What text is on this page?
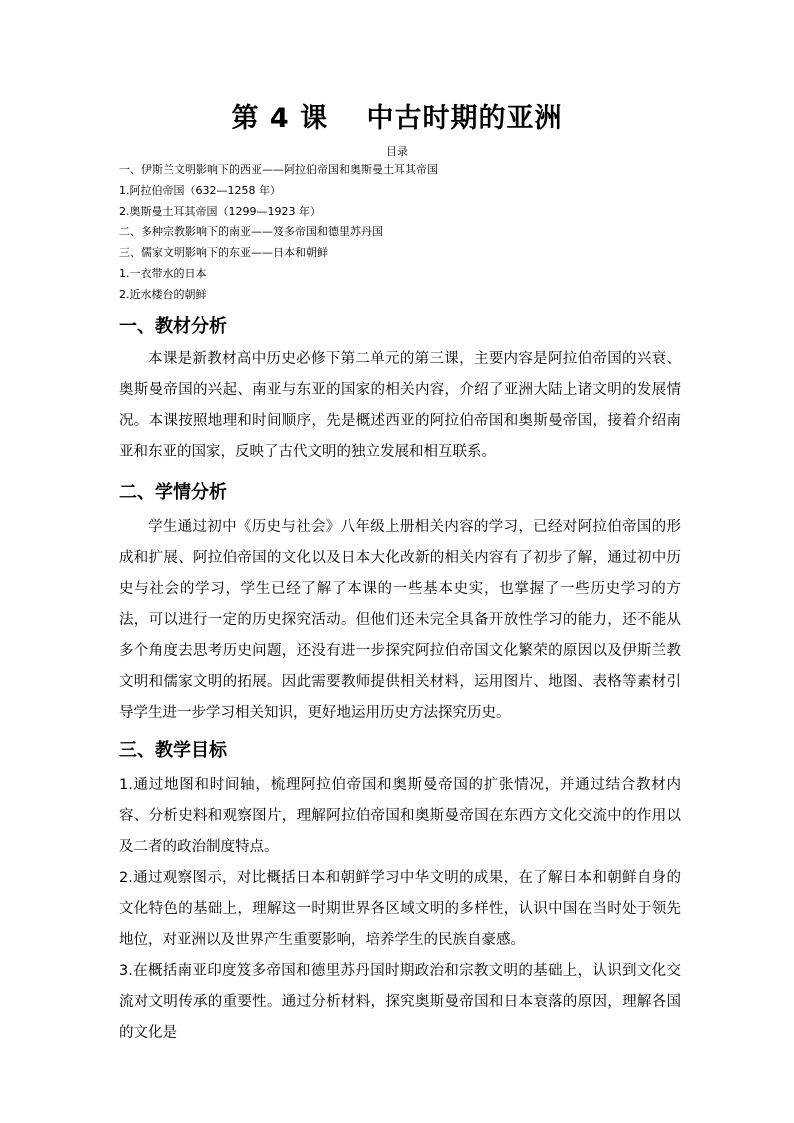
第 4 课　 中古时期的亚洲
目录
一、伊斯兰文明影响下的西亚——阿拉伯帝国和奥斯曼土耳其帝国
1.阿拉伯帝国（632—1258 年）
2.奥斯曼土耳其帝国（1299—1923 年）
二、多种宗教影响下的南亚——笈多帝国和德里苏丹国
三、儒家文明影响下的东亚——日本和朝鲜
1.一衣带水的日本
2.近水楼台的朝鲜
一、教材分析

本课是新教材高中历史必修下第二单元的第三课，主要内容是阿拉伯帝国的兴衰、奥斯曼帝国的兴起、南亚与东亚的国家的相关内容，介绍了亚洲大陆上诸文明的发展情况。本课按照地理和时间顺序，先是概述西亚的阿拉伯帝国和奥斯曼帝国，接着介绍南亚和东亚的国家，反映了古代文明的独立发展和相互联系。

二、学情分析

学生通过初中《历史与社会》八年级上册相关内容的学习，已经对阿拉伯帝国的形成和扩展、阿拉伯帝国的文化以及日本大化改新的相关内容有了初步了解，通过初中历史与社会的学习，学生已经了解了本课的一些基本史实，也掌握了一些历史学习的方法，可以进行一定的历史探究活动。但他们还未完全具备开放性学习的能力，还不能从多个角度去思考历史问题，还没有进一步探究阿拉伯帝国文化繁荣的原因以及伊斯兰教文明和儒家文明的拓展。因此需要教师提供相关材料，运用图片、地图、表格等素材引导学生进一步学习相关知识，更好地运用历史方法探究历史。

三、教学目标

1.通过地图和时间轴，梳理阿拉伯帝国和奥斯曼帝国的扩张情况，并通过结合教材内容、分析史料和观察图片，理解阿拉伯帝国和奥斯曼帝国在东西方文化交流中的作用以及二者的政治制度特点。

2.通过观察图示，对比概括日本和朝鲜学习中华文明的成果，在了解日本和朝鲜自身的文化特色的基础上，理解这一时期世界各区域文明的多样性，认识中国在当时处于领先地位，对亚洲以及世界产生重要影响，培养学生的民族自豪感。

3.在概括南亚印度笈多帝国和德里苏丹国时期政治和宗教文明的基础上，认识到文化交流对文明传承的重要性。通过分析材料，探究奥斯曼帝国和日本衰落的原因，理解各国的文化是
